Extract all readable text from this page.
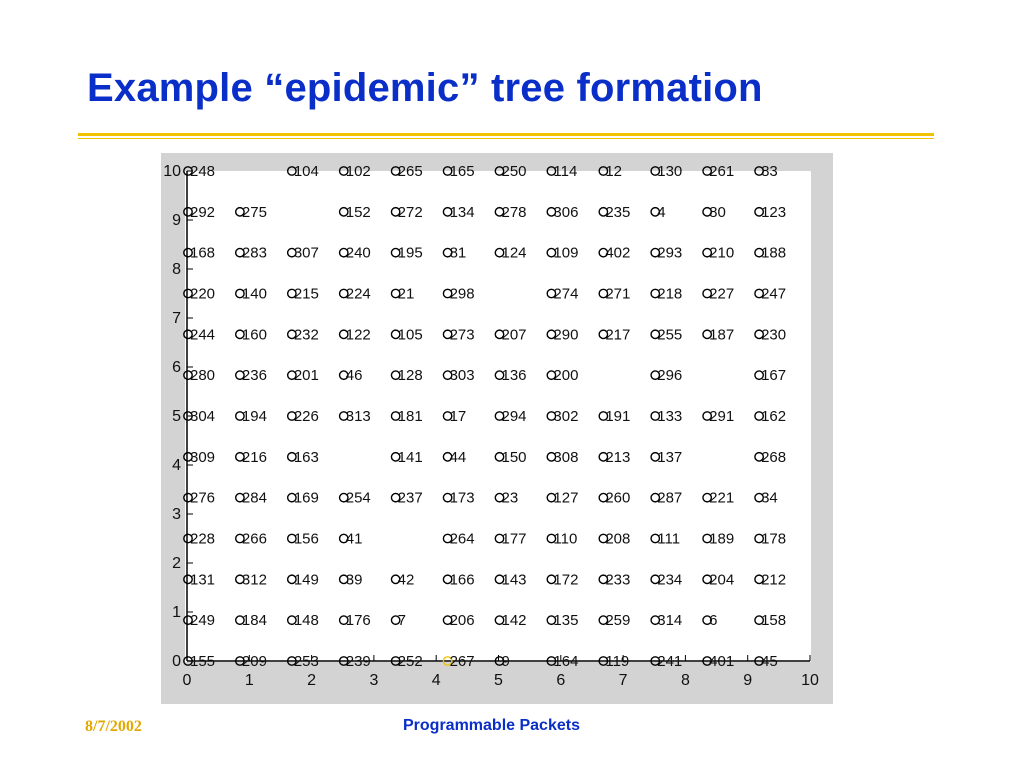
Example “epidemic” tree formation
0	1	2	3	4	5	6	7	8	9	10
0
1
2
3
4
5
6
7
8
9
10 248	104 102 265 165 250 114 12 130 261 83
292 275	152 272 134 278 306 235 4	80 123
168 283 307 240 195 81 124 109 402 293 210 188
220 140 215 224 21 298	274 271 218 227 247
244 160 232 122 105 273 207 290 217 255 187 230
280 236 201 46 128 303 136 200	296	167
304 194 226 313 181 17 294 302 191 133 291 162
309 216 163	141 44 150 308 213 137	268
276 284 169 254 237 173 23 127 260 287 221 34
228 266 156 41	264 177 110 208 111 189 178
131 312 149 39 42 166 143 172 233 234 204 212
249 184 148 176 7	206 142 135 259 314 6	158
155 209 253 239 252 267 9	164 119 241 401 45
8/7/2002	Programmable Packets
